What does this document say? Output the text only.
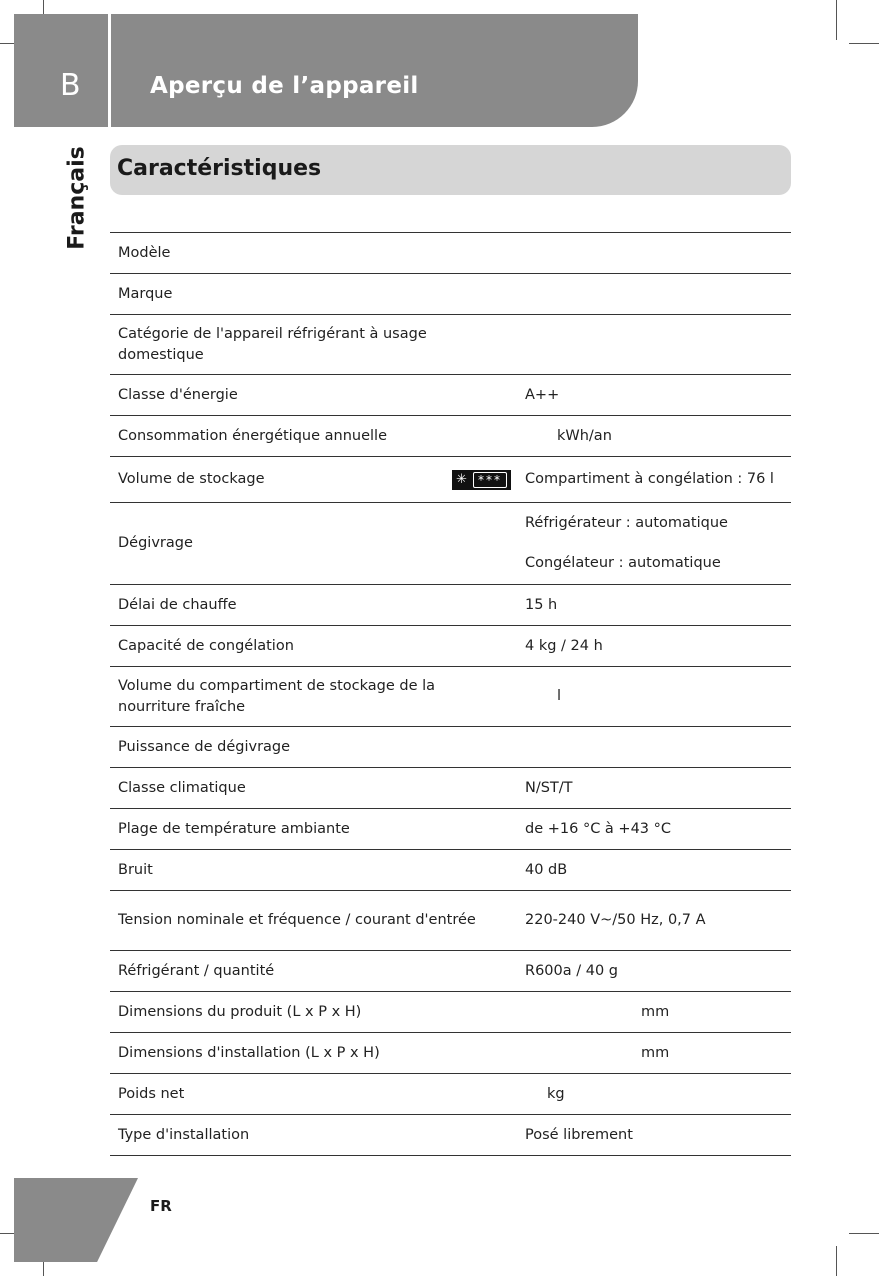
B	Aperçu de l’appareil
Français Caractéristiques
Modèle	
Marque	
Catégorie de l'appareil réfrigérant à usage domestique	
Classe d'énergie	A++
Consommation énergétique annuelle	kWh/an

Volume de stockage ✳ ***	Compartiment à congélation : 76 l
Dégivrage	Réfrigérateur : automatique
Congélateur : automatique

Délai de chauffe	15 h
Capacité de congélation	4 kg / 24 h
Volume du compartiment de stockage de la nourriture fraîche	l
Puissance de dégivrage	
Classe climatique	N/ST/T
Plage de température ambiante	de +16 °C à +43 °C
Bruit	40 dB
Tension nominale et fréquence / courant d'entrée	220-240 V~/50 Hz, 0,7 A
Réfrigérant / quantité	R600a / 40 g
Dimensions du produit (L x P x H)	mm
Dimensions d'installation (L x P x H)	mm
Poids net	kg
Type d'installation	Posé librement
FR
